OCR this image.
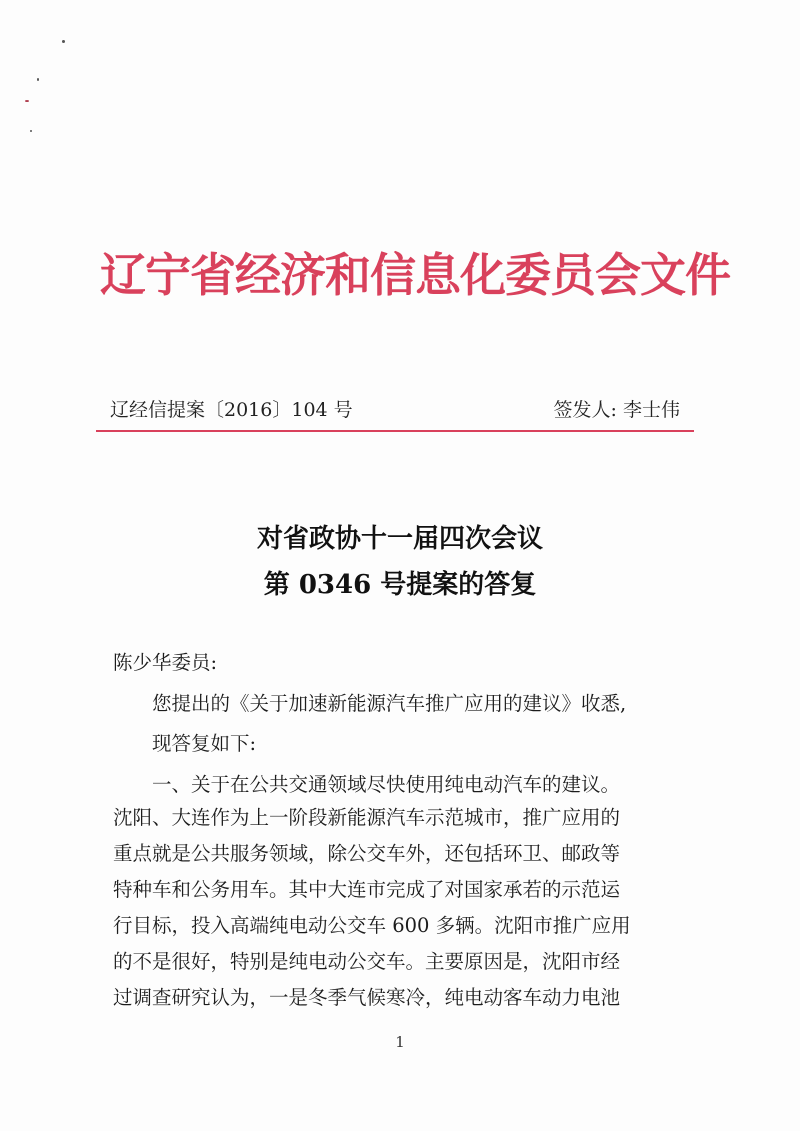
辽宁省经济和信息化委员会文件
辽经信提案〔2016〕104 号	签发人: 李士伟
对省政协十一届四次会议
第 0346 号提案的答复
陈少华委员:
　　您提出的《关于加速新能源汽车推广应用的建议》收悉,
　　现答复如下:
　　一、关于在公共交通领域尽快使用纯电动汽车的建议。
沈阳、大连作为上一阶段新能源汽车示范城市，推广应用的
重点就是公共服务领域，除公交车外，还包括环卫、邮政等
特种车和公务用车。其中大连市完成了对国家承若的示范运
行目标，投入高端纯电动公交车 600 多辆。沈阳市推广应用
的不是很好，特别是纯电动公交车。主要原因是，沈阳市经
过调查研究认为，一是冬季气候寒冷，纯电动客车动力电池
1
